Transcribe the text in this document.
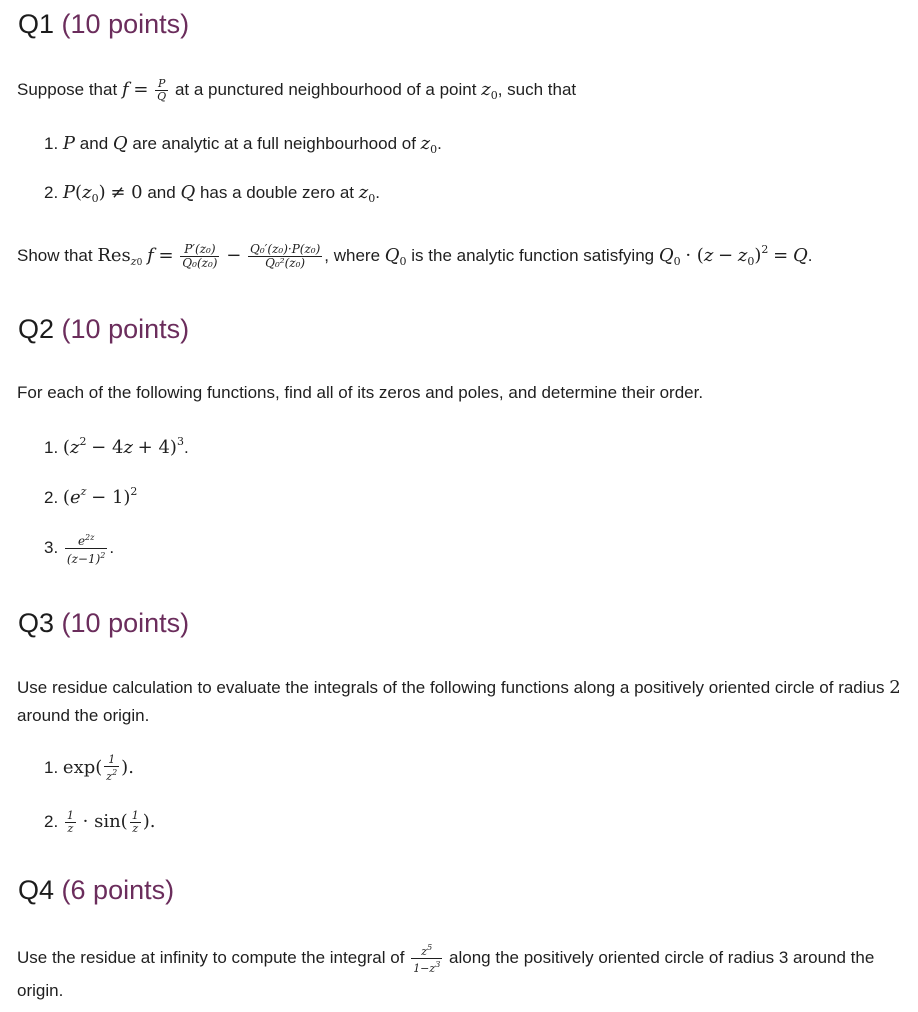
Q1 (10 points)
Suppose that $f = \frac{P}{Q}$ at a punctured neighbourhood of a point $z_0$, such that
1. P and Q are analytic at a full neighbourhood of $z_0$.
2. $P(z_0) \ne 0$ and Q has a double zero at $z_0$.
Show that Res$_{z0}$ $f = \frac{\text{P′(z₀)}}{\text{Q₀(z₀)}} - \frac{\text{Q₀′(z₀)·P(z₀)}}{\text{Q₀²(z₀)}}$ , where $Q_0$ is the analytic function satisfying $Q_0 \cdot (z - z_0)^2 = Q$.
Q2 (10 points)
For each of the following functions, find all of its zeros and poles, and determine their order.
1. $(z^2 - 4z + 4)^3$.
2. $(e^z - 1)^2$
3. $\frac{e^{2z}}{(z-1)^2}$ .
Q3 (10 points)
Use residue calculation to evaluate the integrals of the following functions along a positively oriented circle of radius 2 around the origin.
1. $\exp( \frac{1}{z^2}$ ).
2. $\frac{1}{z} \cdot \sin( \frac{1}{z}$ ).
Q4 (6 points)
Use the residue at infinity to compute the integral of $\frac{z^5}{1-z^3}$ along the positively oriented circle of radius 3 around the origin.
